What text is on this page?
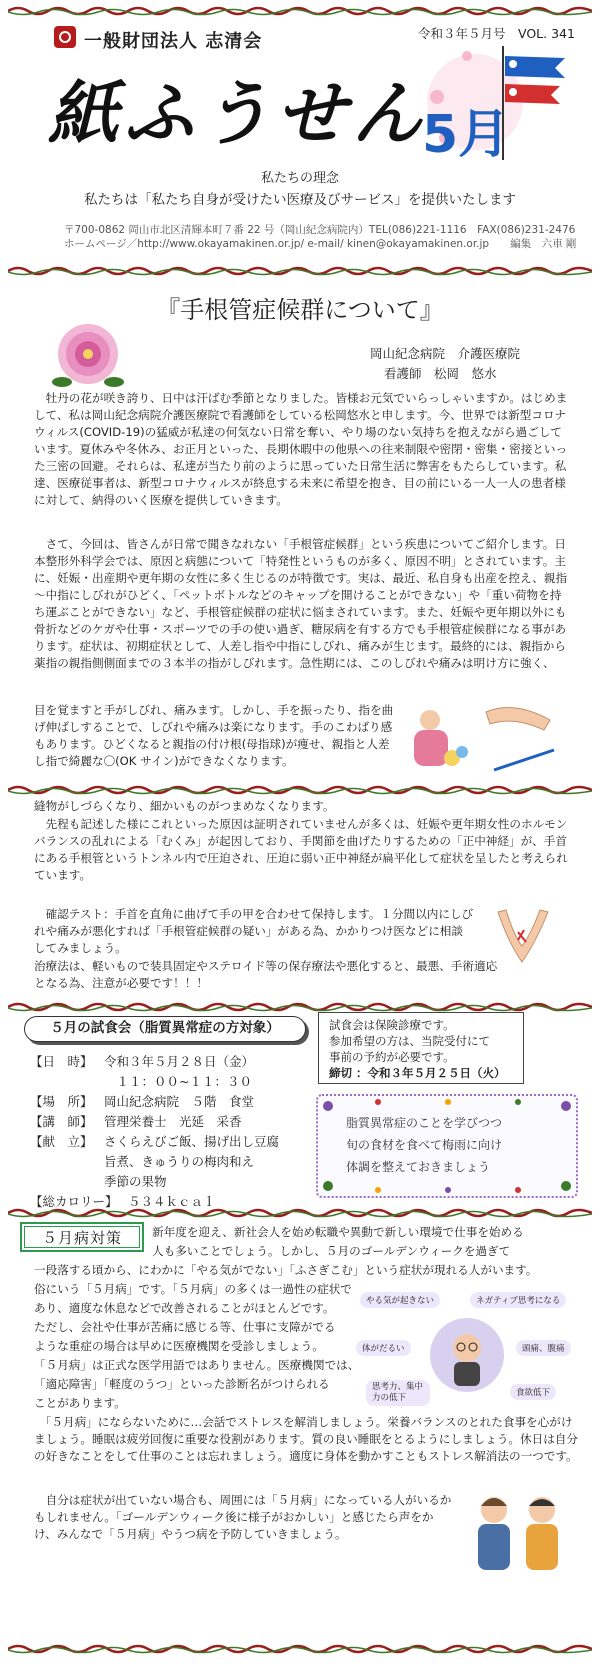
一般財団法人 志清会	令和３年５月号　VOL. 341
紙ふうせん
5月
私たちの理念
私たちは「私たち自身が受けたい医療及びサービス」を提供いたします
〒700-0862 岡山市北区清輝本町７番 22 号（岡山紀念病院内）TEL(086)221-1116　FAX(086)231-2476
ホームページ／http://www.okayamakinen.or.jp/ e-mail/ kinen@okayamakinen.or.jp　　編集　六車 剛
『手根管症候群について』
岡山紀念病院　介護医療院
看護師　松岡　悠水
　牡丹の花が咲き誇り、日中は汗ばむ季節となりました。皆様お元気でいらっしゃいますか。はじめまして、私は岡山紀念病院介護医療院で看護師をしている松岡悠水と申します。今、世界では新型コロナウィルス(COVID-19)の猛威が私達の何気ない日常を奪い、やり場のない気持ちを抱えながら過ごしています。夏休みや冬休み、お正月といった、長期休暇中の他県への往来制限や密閉・密集・密接といった三密の回避。それらは、私達が当たり前のように思っていた日常生活に弊害をもたらしています。私達、医療従事者は、新型コロナウィルスが終息する未来に希望を抱き、目の前にいる一人一人の患者様に対して、納得のいく医療を提供していきます。
　さて、今回は、皆さんが日常で聞きなれない「手根管症候群」という疾患についてご紹介します。日本整形外科学会では、原因と病態について「特発性というものが多く、原因不明」とされています。主に、妊娠・出産期や更年期の女性に多く生じるのが特徴です。実は、最近、私自身も出産を控え、親指～中指にしびれがひどく、「ペットボトルなどのキャップを開けることができない」や「重い荷物を持ち運ぶことができない」など、手根管症候群の症状に悩まされています。また、妊娠や更年期以外にも骨折などのケガや仕事・スポーツでの手の使い過ぎ、糖尿病を有する方でも手根管症候群になる事があります。症状は、初期症状として、人差し指や中指にしびれ、痛みが生じます。最終的には、親指から薬指の親指側側面までの３本半の指がしびれます。急性期には、このしびれや痛みは明け方に強く、
目を覚ますと手がしびれ、痛みます。しかし、手を振ったり、指を曲げ伸ばしすることで、しびれや痛みは楽になります。手のこわばり感もあります。ひどくなると親指の付け根(母指球)が痩せ、親指と人差し指で綺麗な〇(OK サイン)ができなくなります。
縫物がしづらくなり、細かいものがつまめなくなります。
　先程も記述した様にこれといった原因は証明されていませんが多くは、妊娠や更年期女性のホルモンバランスの乱れによる「むくみ」が起因しており、手関節を曲げたりするための「正中神経」が、手首にある手根管というトンネル内で圧迫され、圧迫に弱い正中神経が扁平化して症状を呈したと考えられています。
　確認テスト：手首を直角に曲げて手の甲を合わせて保持します。１分間以内にしびれや痛みが悪化すれば「手根管症候群の疑い」がある為、かかりつけ医などに相談してみましょう。
治療法は、軽いもので装具固定やステロイド等の保存療法や悪化すると、最悪、手術適応となる為、注意が必要です！！！
５月の試食会（脂質異常症の方対象）	試食会は保険診療です。
参加希望の方は、当院受付にて
事前の予約が必要です。
締切 ：令和３年５月２５日（火）
【日　時】 令和３年５月２８日（金）
　１１：００~１１：３０
【場　所】 岡山紀念病院　５階　食堂
【講　師】 管理栄養士　光延　采香
【献　立】 さくらえびご飯、揚げ出し豆腐
旨煮、きゅうりの梅肉和え
季節の果物
【総カロリー】 ５３４ｋｃａｌ
脂質異常症のことを学びつつ
旬の食材を食べて梅雨に向け
体調を整えておきましょう
５月病対策	新年度を迎え、新社会人を始め転職や異動で新しい環境で仕事を始める
人も多いことでしょう。しかし、５月のゴールデンウィークを過ぎて
一段落する頃から、にわかに「やる気がでない」「ふさぎこむ」という症状が現れる人がいます。
俗にいう「５月病」です。「５月病」の多くは一過性の症状で
あり、適度な休息などで改善されることがほとんどです。
ただし、会社や仕事が苦痛に感じる等、仕事に支障がでる
ような重症の場合は早めに医療機関を受診しましょう。
「５月病」は正式な医学用語ではありません。医療機関では、
「適応障害」「軽度のうつ」といった診断名がつけられる
ことがあります。
やる気が起きない	ネガティブ思考になる
体がだるい	頭痛、腹痛
思考力、集中力の低下	食欲低下
　「５月病」にならないために…会話でストレスを解消しましょう。栄養バランスのとれた食事を心がけましょう。睡眠は疲労回復に重要な役割があります。質の良い睡眠をとるようにしましょう。休日は自分の好きなことをして仕事のことは忘れましょう。適度に身体を動かすこともストレス解消法の一つです。
　自分は症状が出ていない場合も、周囲には「５月病」になっている人がいるかもしれません。「ゴールデンウィーク後に様子がおかしい」と感じたら声をかけ、みんなで「５月病」やうつ病を予防していきましょう。
